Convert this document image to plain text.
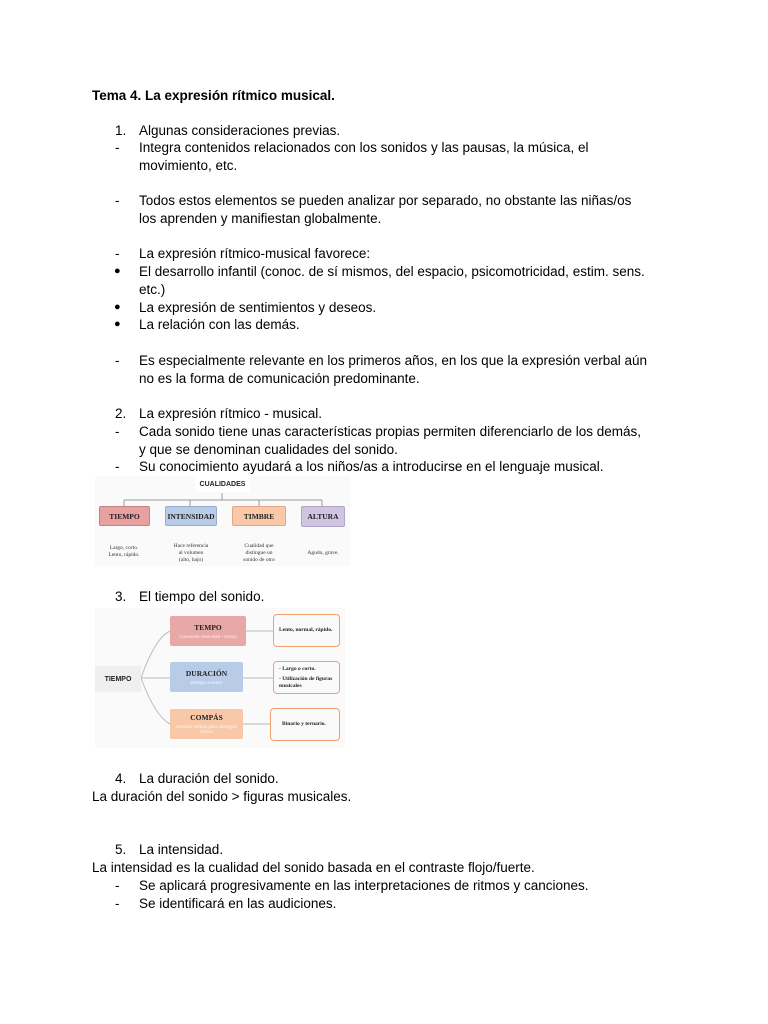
Tema 4. La expresión rítmico musical.
1. Algunas consideraciones previas.
- Integra contenidos relacionados con los sonidos y las pausas, la música, el
movimiento, etc.
- Todos estos elementos se pueden analizar por separado, no obstante las niñas/os
los aprenden y manifiestan globalmente.
- La expresión rítmico-musical favorece:
● El desarrollo infantil (conoc. de sí mismos, del espacio, psicomotricidad, estim. sens.
etc.)
● La expresión de sentimientos y deseos.
● La relación con las demás.
- Es especialmente relevante en los primeros años, en los que la expresión verbal aún
no es la forma de comunicación predominante.
2. La expresión rítmico - musical.
- Cada sonido tiene unas características propias permiten diferenciarlo de los demás,
y que se denominan cualidades del sonido.
- Su conocimiento ayudará a los niños/as a introducirse en el lenguaje musical.
CUALIDADES
TIEMPO	INTENSIDAD	TIMBRE	ALTURA
Largo, corto.
Lento, rápido.
Hace referencia
al volumen
(alto, bajo)
Cualidad que
distingue un
sonido de otro
Agudo, grave.
3. El tiempo del sonido.
TIEMPO
TEMPO
(variación velocidad - ritmo)
DURACIÓN
(tiempo sonido)
COMPÁS
(medida tiempo para distinguir ritmo)
Lento, normal, rápido.
- Largo o corto.
- Utilización de figuras
musicales
Binario y ternario.
4. La duración del sonido.
La duración del sonido > figuras musicales.
5. La intensidad.
La intensidad es la cualidad del sonido basada en el contraste flojo/fuerte.
- Se aplicará progresivamente en las interpretaciones de ritmos y canciones.
- Se identificará en las audiciones.
